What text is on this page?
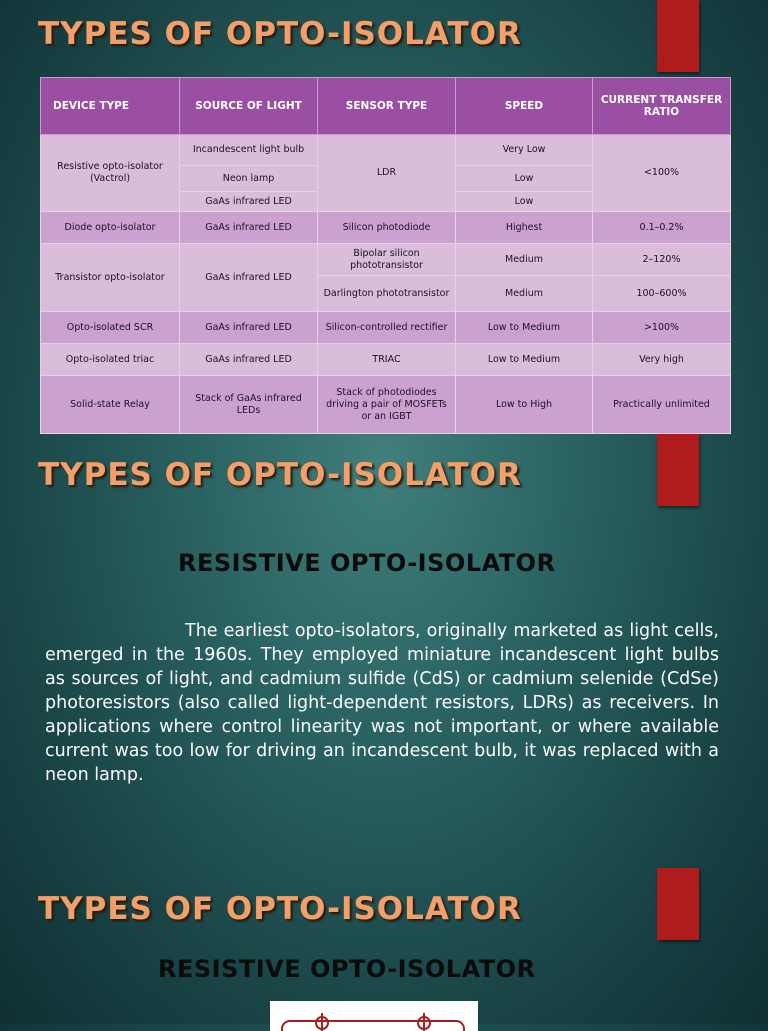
TYPES OF OPTO-ISOLATOR
DEVICE TYPE	SOURCE OF LIGHT	SENSOR TYPE	SPEED	CURRENT TRANSFER RATIO
Resistive opto-isolator (Vactrol)	Incandescent light bulb	LDR	Very Low	<100%
	Neon lamp		Low	
	GaAs infrared LED		Low	
Diode opto-isolator	GaAs infrared LED	Silicon photodiode	Highest	0.1–0.2%
Transistor opto-isolator	GaAs infrared LED	Bipolar silicon phototransistor	Medium	2–120%
		Darlington phototransistor	Medium	100–600%
Opto-isolated SCR	GaAs infrared LED	Silicon-controlled rectifier	Low to Medium	>100%
Opto-isolated triac	GaAs infrared LED	TRIAC	Low to Medium	Very high
Solid-state Relay	Stack of GaAs infrared LEDs	Stack of photodiodes driving a pair of MOSFETs or an IGBT	Low to High	Practically unlimited
TYPES OF OPTO-ISOLATOR
RESISTIVE OPTO-ISOLATOR

The earliest opto-isolators, originally marketed as light cells, emerged in the 1960s. They employed miniature incandescent light bulbs as sources of light, and cadmium sulfide (CdS) or cadmium selenide (CdSe) photoresistors (also called light-dependent resistors, LDRs) as receivers. In applications where control linearity was not important, or where available current was too low for driving an incandescent bulb, it was replaced with a neon lamp.

TYPES OF OPTO-ISOLATOR
RESISTIVE OPTO-ISOLATOR
